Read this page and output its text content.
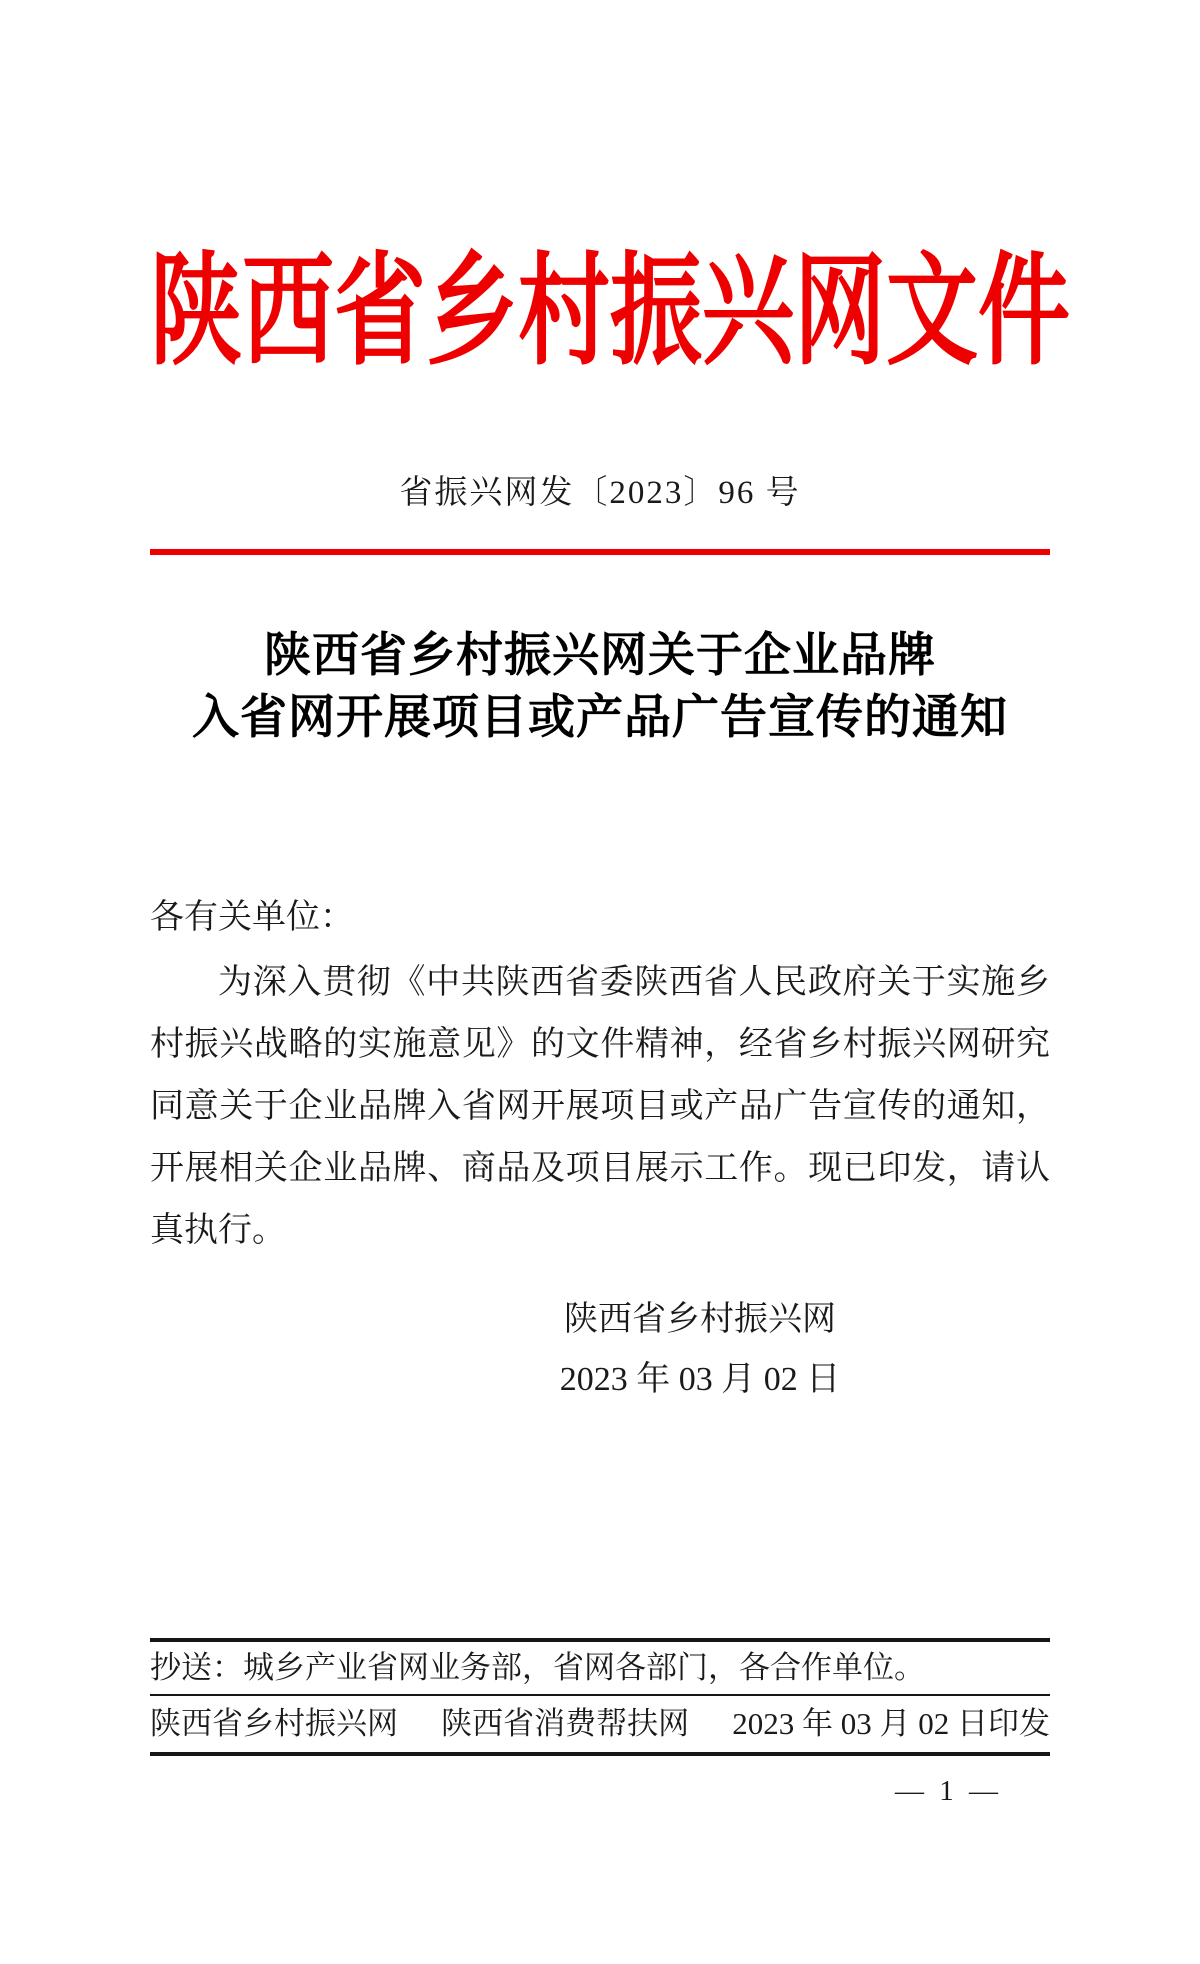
陕西省乡村振兴网文件
省振兴网发〔2023〕96 号
陕西省乡村振兴网关于企业品牌
入省网开展项目或产品广告宣传的通知
各有关单位：

为深入贯彻《中共陕西省委陕西省人民政府关于实施乡村振兴战略的实施意见》的文件精神，经省乡村振兴网研究同意关于企业品牌入省网开展项目或产品广告宣传的通知，开展相关企业品牌、商品及项目展示工作。现已印发，请认真执行。

陕西省乡村振兴网
2023 年 03 月 02 日
抄送：城乡产业省网业务部，省网各部门，各合作单位。
陕西省乡村振兴网 陕西省消费帮扶网 2023 年 03 月 02 日印发
— 1 —
